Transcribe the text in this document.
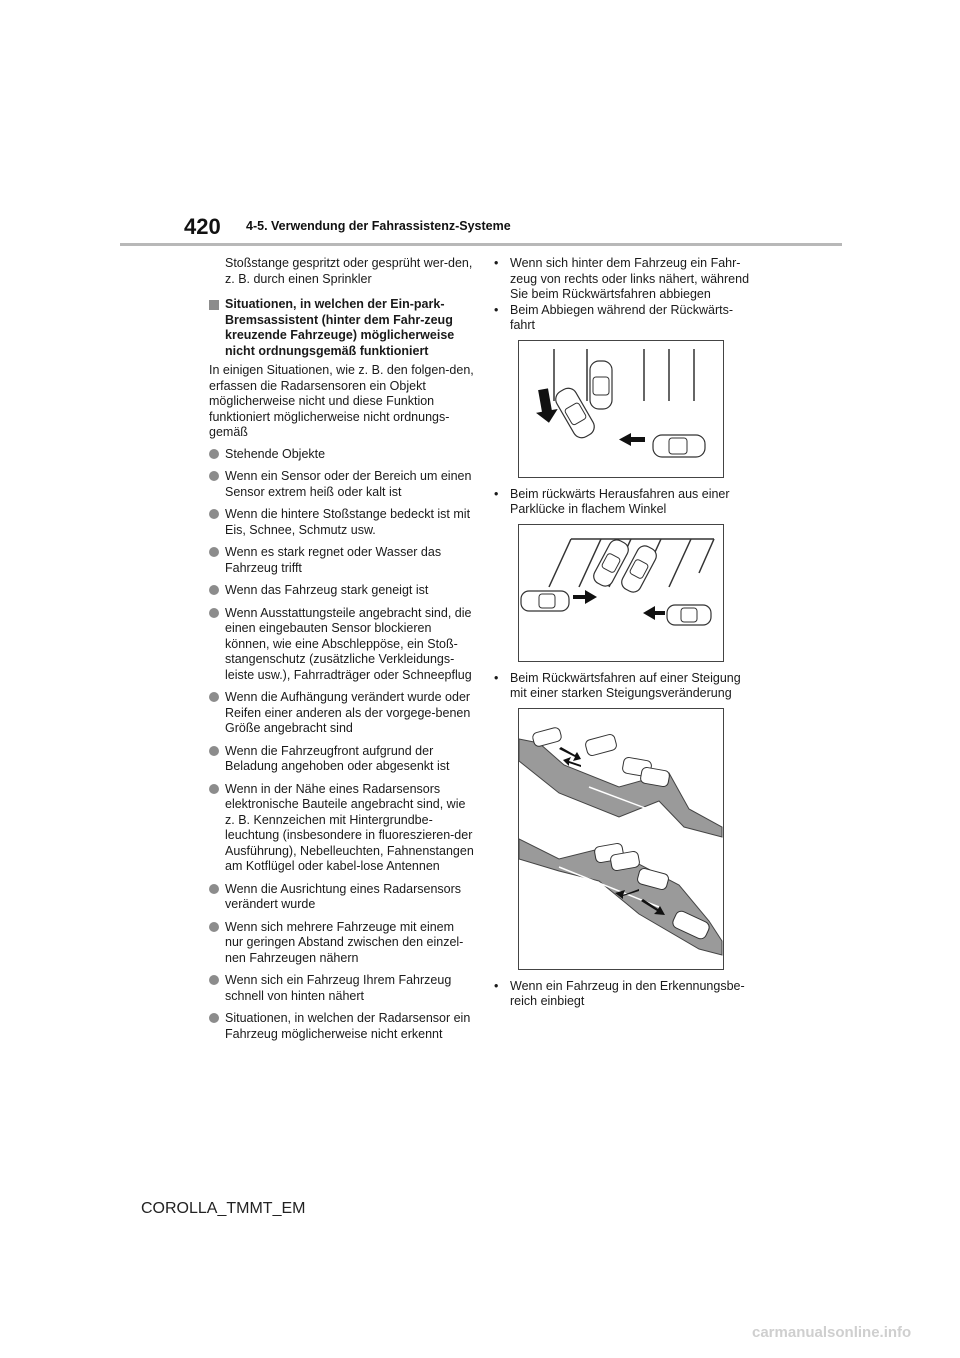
420 4-5. Verwendung der Fahrassistenz-Systeme

Stoßstange gespritzt oder gesprüht wer-den, z. B. durch einen Sprinkler

Situationen, in welchen der Ein-park-Bremsassistent (hinter dem Fahr-zeug kreuzende Fahrzeuge) möglicherweise nicht ordnungsgemäß funktioniert

In einigen Situationen, wie z. B. den folgen-den, erfassen die Radarsensoren ein Objekt möglicherweise nicht und diese Funktion funktioniert möglicherweise nicht ordnungs-gemäß

Stehende Objekte
Wenn ein Sensor oder der Bereich um einen Sensor extrem heiß oder kalt ist
Wenn die hintere Stoßstange bedeckt ist mit Eis, Schnee, Schmutz usw.
Wenn es stark regnet oder Wasser das Fahrzeug trifft
Wenn das Fahrzeug stark geneigt ist
Wenn Ausstattungsteile angebracht sind, die einen eingebauten Sensor blockieren können, wie eine Abschleppöse, ein Stoß-stangenschutz (zusätzliche Verkleidungs-leiste usw.), Fahrradträger oder Schneepflug
Wenn die Aufhängung verändert wurde oder Reifen einer anderen als der vorgege-benen Größe angebracht sind
Wenn die Fahrzeugfront aufgrund der Beladung angehoben oder abgesenkt ist
Wenn in der Nähe eines Radarsensors elektronische Bauteile angebracht sind, wie z. B. Kennzeichen mit Hintergrundbe-leuchtung (insbesondere in fluoreszieren-der Ausführung), Nebelleuchten, Fahnenstangen am Kotflügel oder kabel-lose Antennen
Wenn die Ausrichtung eines Radarsensors verändert wurde
Wenn sich mehrere Fahrzeuge mit einem nur geringen Abstand zwischen den einzel-nen Fahrzeugen nähern
Wenn sich ein Fahrzeug Ihrem Fahrzeug schnell von hinten nähert
Situationen, in welchen der Radarsensor ein Fahrzeug möglicherweise nicht erkennt
• Wenn sich hinter dem Fahrzeug ein Fahr-zeug von rechts oder links nähert, während Sie beim Rückwärtsfahren abbiegen
• Beim Abbiegen während der Rückwärts-fahrt
• Beim rückwärts Herausfahren aus einer Parklücke in flachem Winkel
• Beim Rückwärtsfahren auf einer Steigung mit einer starken Steigungsveränderung
• Wenn ein Fahrzeug in den Erkennungsbe-reich einbiegt
COROLLA_TMMT_EM
carmanualsonline.info
